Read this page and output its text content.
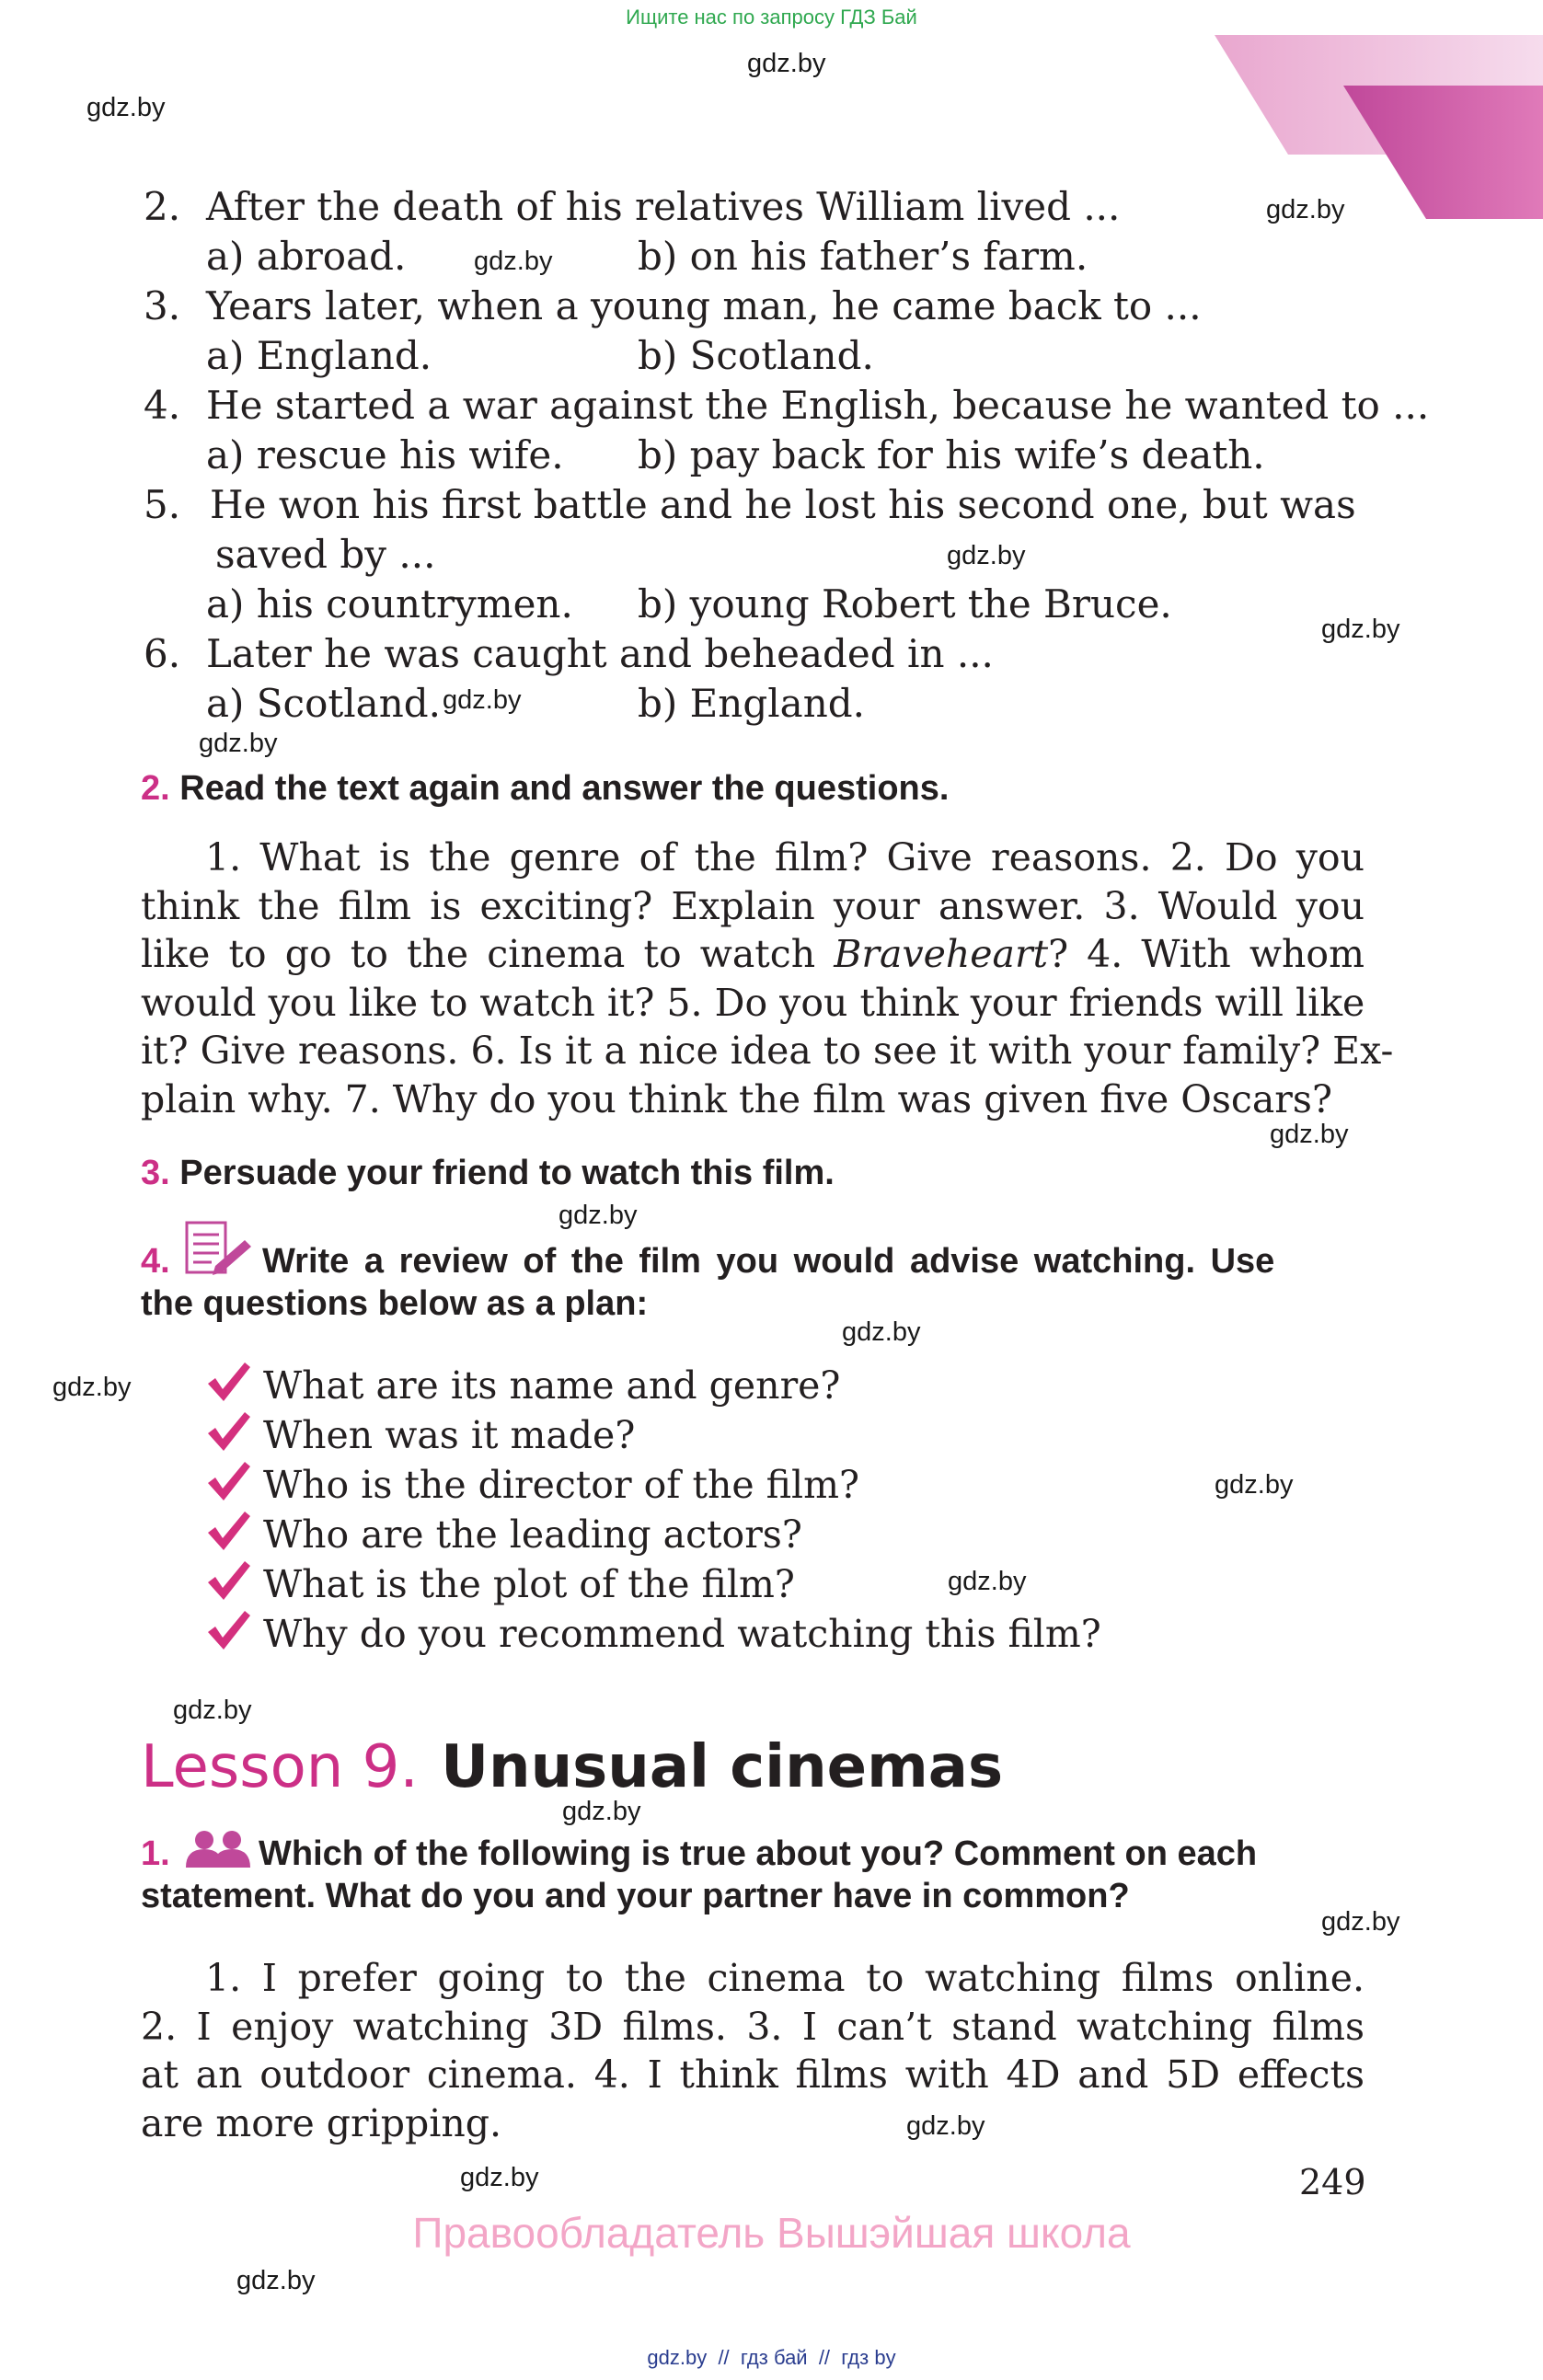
Ищите нас по запросу ГДЗ Бай
gdz.by
gdz.by
gdz.by
gdz.by
gdz.by
gdz.by
gdz.by
gdz.by
gdz.by
gdz.by
gdz.by
gdz.by
gdz.by
gdz.by
gdz.by
gdz.by
gdz.by
gdz.by
gdz.by
gdz.by
2. After the death of his relatives William lived ...
a) abroad.	b) on his father’s farm.
3. Years later, when a young man, he came back to ...
a) England.	b) Scotland.
4. He started a war against the English, because he wanted to ...
a) rescue his wife. b) pay back for his wife’s death.
5. He won his first battle and he lost his second one, but was
saved by ...
a) his countrymen. b) young Robert the Bruce.
6. Later he was caught and beheaded in ...
a) Scotland.	b) England.
2. Read the text again and answer the questions.
1. What is the genre of the film? Give reasons. 2. Do you
think the film is exciting? Explain your answer. 3. Would you
like to go to the cinema to watch Braveheart? 4. With whom
would you like to watch it? 5. Do you think your friends will like
it? Give reasons. 6. Is it a nice idea to see it with your family? Ex-
plain why. 7. Why do you think the film was given five Oscars?
3. Persuade your friend to watch this film.
4.	Write a review of the film you would advise watching. Use
the questions below as a plan:
What are its name and genre?
When was it made?
Who is the director of the film?
Who are the leading actors?
What is the plot of the film?
Why do you recommend watching this film?
Lesson 9. Unusual cinemas
1.	Which of the following is true about you? Comment on each
statement. What do you and your partner have in common?
1. I prefer going to the cinema to watching films online.
2. I enjoy watching 3D films. 3. I can’t stand watching films
at an outdoor cinema. 4. I think films with 4D and 5D effects
are more gripping.
249
Правообладатель Вышэйшая школа
gdz.by  //  гдз бай  //  гдз by
